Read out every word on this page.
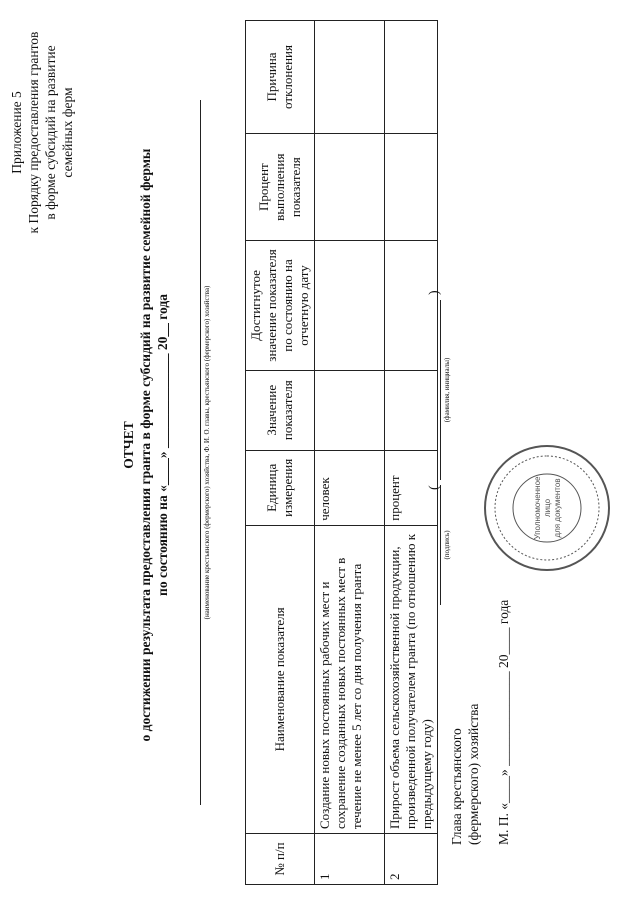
Приложение 5 к Порядку предоставления грантов в форме субсидий на развитие семейных ферм
ОТЧЕТ о достижении результата предоставления гранта в форме субсидий на развитие семейной фермы по состоянию на «____» ______________ 20__ года	(наименование крестьянского (фермерского) хозяйства, Ф. И. О. главы, крестьянского (фермерского) хозяйства)
№ п/п	Наименование показателя	Единица измерения	Значение показателя	Достигнутое значение показателя по состоянию на отчетную дату	Процент выполнения показателя	Причина отклонения
1	Создание новых постоянных рабочих мест и сохранение созданных новых постоянных мест в течение не менее 5 лет со дня получения гранта	человек				
2	Прирост объема сельскохозяйственной продукции, произведенной получателем гранта (по отношению к предыдущему году)	процент				
Глава крестьянского (фермерского) хозяйства
(подпись)
(
(фамилия, инициалы)
)
М. П. «____» ______________ 20____ года
Уполномоченное лицо для документов
